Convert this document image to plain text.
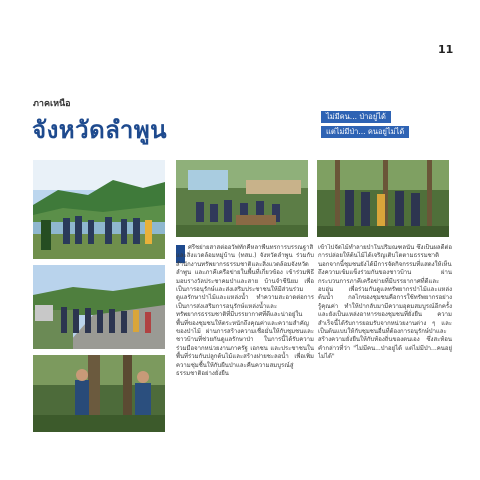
11
ภาคเหนือ
จังหวัดลำพูน	ไม่มีคน... ป่าอยู่ได้
แต่ไม่มีป่า... คนอยู่ไม่ได้

ศรีชย่ายสาสต่ออวัฟทักคืหลาพื้นทรการบรรณฐาสิ และสิ่งแวดล้อมหมู่บ้าน (ทสม.) จังหวัดลำพูน ร่วมกับสำนักงานทรัพยากรธรรมชาติและสิ่งแวดล้อมจังหวัดลำพูน และภาคีเครือข่ายในพื้นที่เกี่ยวข้อง เข้าร่วมพิธีมอบรางวัลประชาคมป่าและสาย บ้านจำชีนิยม เพื่อเป็นการอนุรักษ์และส่งเสริมประชาชนให้มีส่วนร่วมดูแลรักษาป่าไม้และแหล่งน้ำ ทำความสะอาดต่อการเป็นการส่งเสริมการอนุรักษ์แหล่งน้ำและทรัพยากรธรรมชาติที่มีบรรยากาศที่ดีและน่าอยู่ในพื้นที่ของชุมชนให้ตระหนักถึงคุณค่าและความสำคัญของป่าไม้ ผ่านการสร้างความเชื่อมั่นให้กับชุมชนและชาวบ้านที่ช่วยกันดูแลรักษาป่า ในการนี้ได้รับความร่วมมือจากหน่วยงานภาครัฐ เอกชน และประชาชนในพื้นที่ร่วมกันปลูกต้นไม้และสร้างฝายชะลอน้ำ เพื่อเพิ่มความชุ่มชื้นให้กับผืนป่าและคืนความสมบูรณ์สู่ธรรมชาติอย่างยั่งยืน

เข้าไปจัดไม้ทำลายป่าในปริมณฑลนั้น ซึ่งเป็นผลดีต่อการปล่อยให้ต้นไม้ได้เจริญเติบโตตามธรรมชาติ นอกจากนี้ชุมชนยังได้มีการจัดกิจกรรมที่แสดงให้เห็นถึงความเข้มแข็งร่วมกันของชาวบ้าน ผ่านกระบวนการภาคีเครือข่ายที่มีบรรยากาศที่ดีและอบอุ่น เพื่อร่วมกันดูแลทรัพยากรป่าไม้และแหล่งต้นน้ำ กลไกของชุมชนคือการใช้ทรัพยากรอย่างรู้คุณค่า ทำให้ป่ากลับมามีความอุดมสมบูรณ์อีกครั้ง และยังเป็นแหล่งอาหารของชุมชนที่ยั่งยืน ความสำเร็จนี้ได้รับการยอมรับจากหน่วยงานต่าง ๆ และเป็นต้นแบบให้กับชุมชนอื่นที่ต้องการอนุรักษ์ป่าและสร้างความยั่งยืนให้กับท้องถิ่นของตนเอง ซึ่งสะท้อนคำกล่าวที่ว่า "ไม่มีคน...ป่าอยู่ได้ แต่ไม่มีป่า...คนอยู่ไม่ได้"
